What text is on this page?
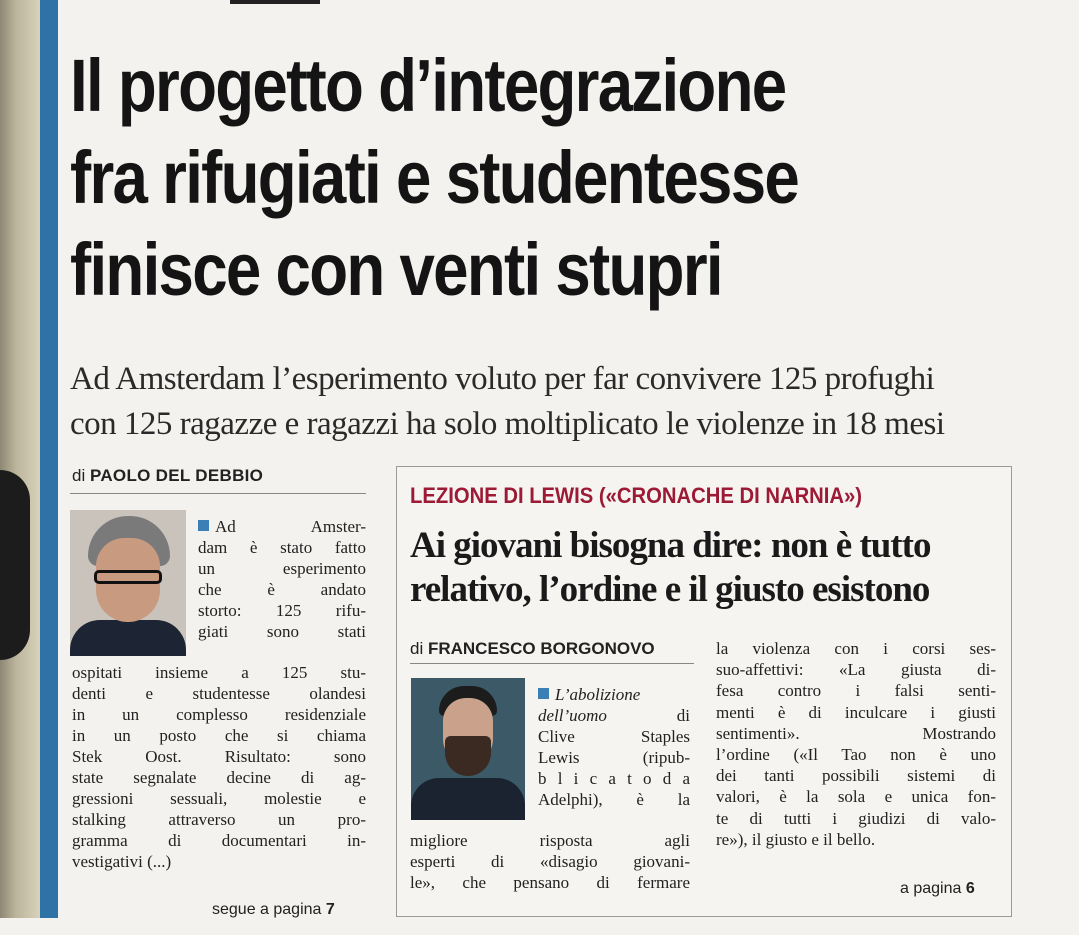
Il progetto d’integrazione
fra rifugiati e studentesse
finisce con venti stupri

Ad Amsterdam l’esperimento voluto per far convivere 125 profughi
con 125 ragazze e ragazzi ha solo moltiplicato le violenze in 18 mesi

di PAOLO DEL DEBBIO
Ad Amster-
dam è stato fatto
un esperimento
che è andato
storto: 125 rifu-
giati sono stati
ospitati insieme a 125 stu-
denti e studentesse olandesi
in un complesso residenziale
in un posto che si chiama
Stek Oost. Risultato: sono
state segnalate decine di ag-
gressioni sessuali, molestie e
stalking attraverso un pro-
gramma di documentari in-
vestigativi (...)
segue a pagina 7
LEZIONE DI LEWIS («CRONACHE DI NARNIA»)
Ai giovani bisogna dire: non è tutto
relativo, l’ordine e il giusto esistono
di FRANCESCO BORGONOVO
L’abolizione
dell’uomo	di
Clive Staples
Lewis (ripub-
b l i c a t o d a
Adelphi), è la
migliore risposta agli
esperti di «disagio giovani-
le», che pensano di fermare
la violenza con i corsi ses-
suo-affettivi: «La giusta di-
fesa contro i falsi senti-
menti è di inculcare i giusti
sentimenti». Mostrando
l’ordine («Il Tao non è uno
dei tanti possibili sistemi di
valori, è la sola e unica fon-
te di tutti i giudizi di valo-
re»), il giusto e il bello.
a pagina 6
